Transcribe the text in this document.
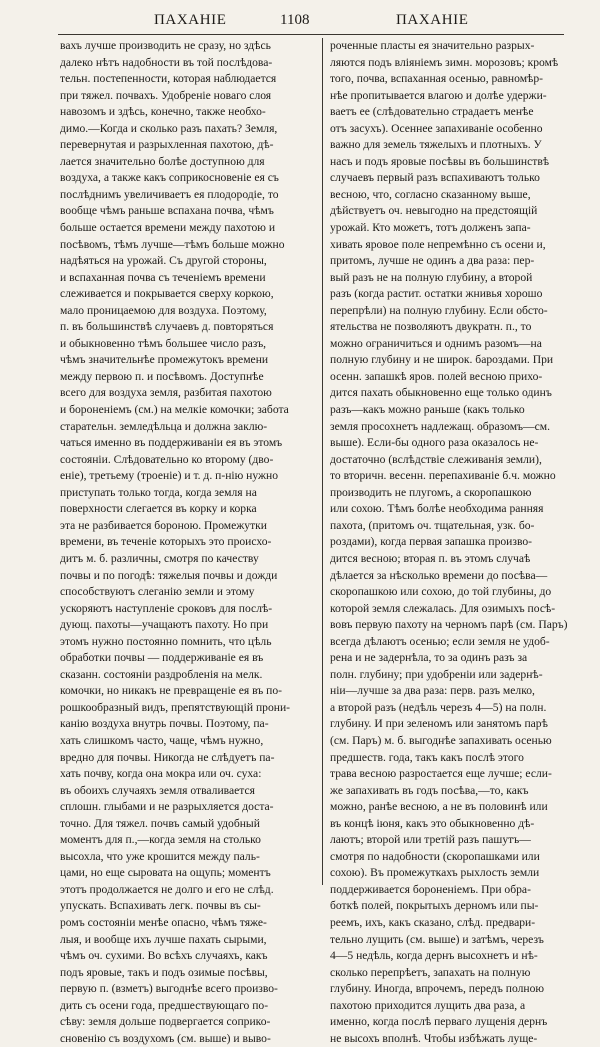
ПАХАНІЕ	1108	ПАХАНІЕ
вахъ лучше производить не сразу, но здѣсь
далеко нѣтъ надобности въ той послѣдова-
тельн. постепенности, которая наблюдается
при тяжел. почвахъ. Удобреніе новаго слоя
навозомъ и здѣсь, конечно, также необхо-
димо.—Когда и сколько разъ пахать? Земля,
перевернутая и разрыхленная пахотою, дѣ-
лается значительно болѣе доступною для
воздуха, а также какъ соприкосновеніе ея съ
послѣднимъ увеличиваетъ ея плодородіе, то
вообще чѣмъ раньше вспахана почва, чѣмъ
больше остается времени между пахотою и
посѣвомъ, тѣмъ лучше—тѣмъ больше можно
надѣяться на урожай. Съ другой стороны,
и вспаханная почва съ теченіемъ времени
слеживается и покрывается сверху коркою,
мало проницаемою для воздуха. Поэтому,
п. въ большинствѣ случаевъ д. повторяться
и обыкновенно тѣмъ большее число разъ,
чѣмъ значительнѣе промежутокъ времени
между первою п. и посѣвомъ. Доступнѣе
всего для воздуха земля, разбитая пахотою
и бороненіемъ (см.) на мелкіе комочки; забота
старательн. земледѣльца и должна заклю-
чаться именно въ поддерживаніи ея въ этомъ
состояніи. Слѣдовательно ко второму (дво-
еніе), третьему (троеніе) и т. д. п-нію нужно
приступать только тогда, когда земля на
поверхности слегается въ корку и корка
эта не разбивается бороною. Промежутки
времени, въ теченіе которыхъ это происхо-
дитъ м. б. различны, смотря по качеству
почвы и по погодѣ: тяжелыя почвы и дожди
способствуютъ слеганію земли и этому
ускоряютъ наступленіе сроковъ для послѣ-
дующ. пахоты—учащаютъ пахоту. Но при
этомъ нужно постоянно помнить, что цѣль
обработки почвы — поддерживаніе ея въ
сказанн. состояніи раздробленія на мелк.
комочки, но никакъ не превращеніе ея въ по-
рошкообразный видъ, препятствующій прони-
канію воздуха внутрь почвы. Поэтому, па-
хать слишкомъ часто, чаще, чѣмъ нужно,
вредно для почвы. Никогда не слѣдуетъ па-
хать почву, когда она мокра или оч. суха:
въ обоихъ случаяхъ земля отваливается
сплошн. глыбами и не разрыхляется доста-
точно. Для тяжел. почвъ самый удобный
моментъ для п.,—когда земля на столько
высохла, что уже крошится между паль-
цами, но еще сыровата на ощупь; моментъ
этотъ продолжается не долго и его не слѣд.
упускать. Вспахивать легк. почвы въ сы-
ромъ состояніи менѣе опасно, чѣмъ тяже-
лыя, и вообще ихъ лучше пахать сырыми,
чѣмъ оч. сухими. Во всѣхъ случаяхъ, какъ
подъ яровые, такъ и подъ озимые посѣвы,
первую п. (взметъ) выгоднѣе всего произво-
дить съ осени года, предшествующаго по-
сѣву: земля дольше подвергается соприко-
сновенію съ воздухомъ (см. выше) и выво-
роченные пласты ея значительно разрых-
ляются подъ вліяніемъ зимн. морозовъ; кромѣ
того, почва, вспаханная осенью, равномѣр-
нѣе пропитывается влагою и долѣе удержи-
ваетъ ее (слѣдовательно страдаетъ менѣе
отъ засухъ). Осеннее запахиваніе особенно
важно для земель тяжелыхъ и плотныхъ. У
насъ и подъ яровые посѣвы въ большинствѣ
случаевъ первый разъ вспахиваютъ только
весною, что, согласно сказанному выше,
дѣйствуетъ оч. невыгодно на предстоящій
урожай. Кто можетъ, тотъ долженъ запа-
хивать яровое поле непремѣнно съ осени и,
притомъ, лучше не одинъ а два раза: пер-
вый разъ не на полную глубину, а второй
разъ (когда растит. остатки жнивья хорошо
перепрѣли) на полную глубину. Если обсто-
ятельства не позволяютъ двукратн. п., то
можно ограничиться и однимъ разомъ—на
полную глубину и не широк. бароздами. При
осенн. запашкѣ яров. полей весною прихо-
дится пахать обыкновенно еще только одинъ
разъ—какъ можно раньше (какъ только
земля просохнетъ надлежащ. образомъ—см.
выше). Если-бы одного раза оказалось не-
достаточно (вслѣдствіе слеживанія земли),
то вторичн. весенн. перепахиваніе б.ч. можно
производить не плугомъ, а скоропашкою
или сохою. Тѣмъ болѣе необходима ранняя
пахота, (притомъ оч. тщательная, узк. бо-
роздами), когда первая запашка произво-
дится весною; вторая п. въ этомъ случаѣ
дѣлается за нѣсколько времени до посѣва—
скоропашкою или сохою, до той глубины, до
которой земля слежалась. Для озимыхъ посѣ-
вовъ первую пахоту на черномъ парѣ (см. Паръ)
всегда дѣлаютъ осенью; если земля не удоб-
рена и не задернѣла, то за одинъ разъ за
полн. глубину; при удобреніи или задернѣ-
ніи—лучше за два раза: перв. разъ мелко,
а второй разъ (недѣль черезъ 4—5) на полн.
глубину. И при зеленомъ или занятомъ парѣ
(см. Паръ) м. б. выгоднѣе запахивать осенью
предшеств. года, такъ какъ послѣ этого
трава весною разростается еще лучше; если-
же запахивать въ годъ посѣва,—то, какъ
можно, ранѣе весною, а не въ половинѣ или
въ концѣ іюня, какъ это обыкновенно дѣ-
лаютъ; второй или третій разъ пашутъ—
смотря по надобности (скоропашками или
сохою). Въ промежуткахъ рыхлость земли
поддерживается бороненіемъ. При обра-
боткѣ полей, покрытыхъ дерномъ или пы-
реемъ, ихъ, какъ сказано, слѣд. предвари-
тельно лущить (см. выше) и затѣмъ, черезъ
4—5 недѣль, когда дернъ высохнетъ и нѣ-
сколько перепрѣетъ, запахать на полную
глубину. Иногда, впрочемъ, передъ полною
пахотою приходится лущить два раза, а
именно, когда послѣ перваго лущенія дернъ
не высохъ вполнѣ. Чтобы избѣжать луще-
